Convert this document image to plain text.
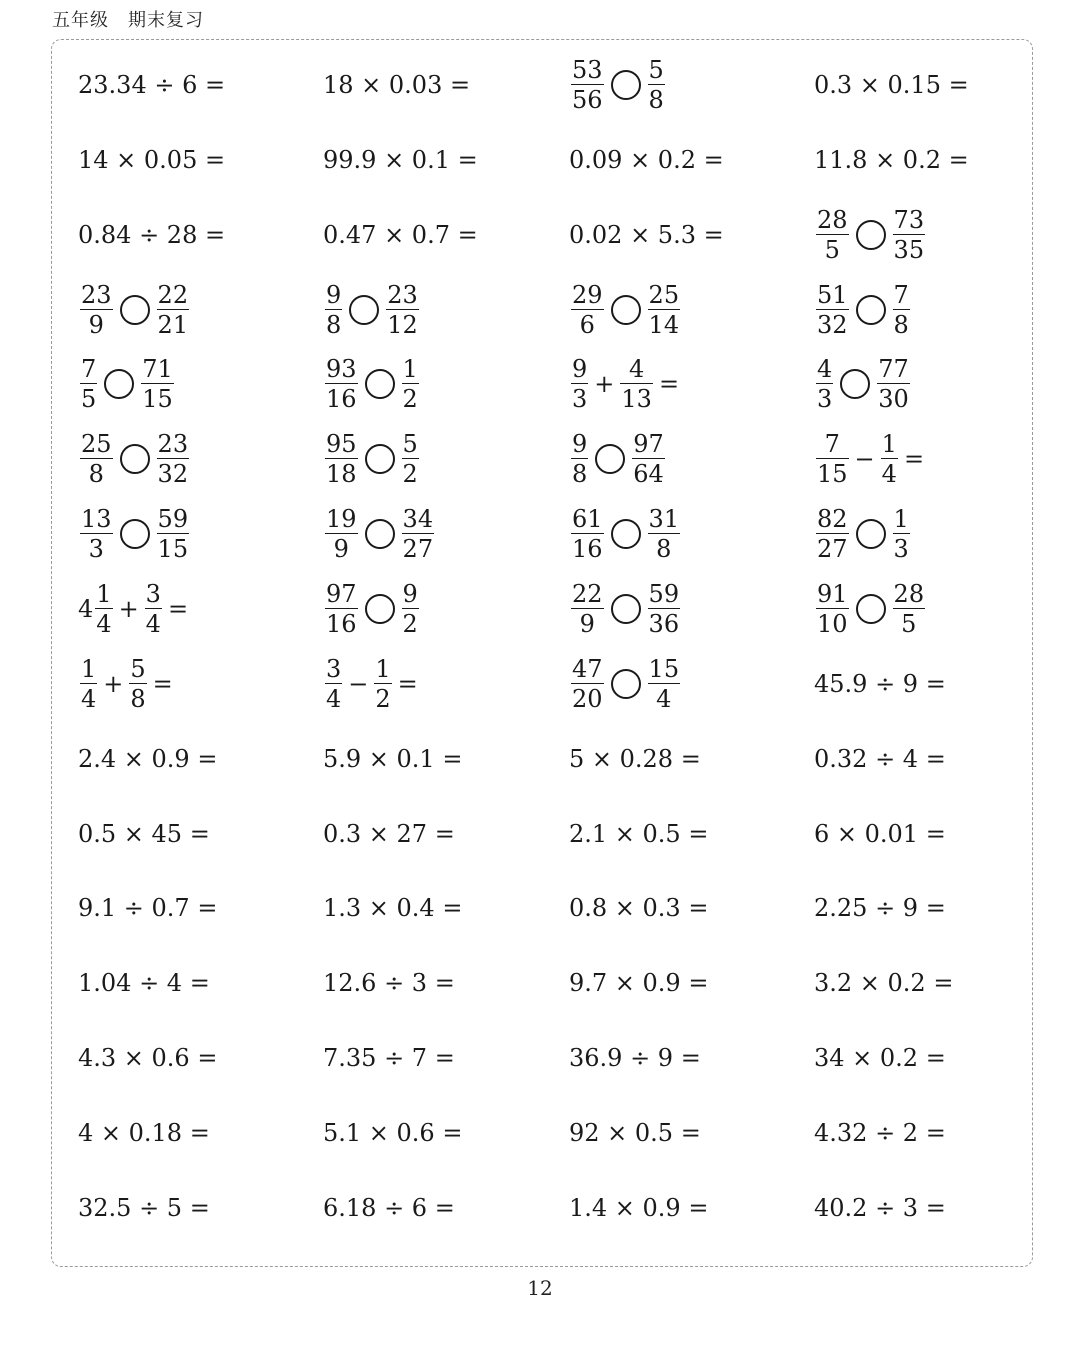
五年级　期末复习
23.34 ÷ 6 =	18 × 0.03 =	$\frac{53}{56} \frac{5}{8}$	0.3 × 0.15 =
14 × 0.05 =	99.9 × 0.1 =	0.09 × 0.2 =	11.8 × 0.2 =
0.84 ÷ 28 =	0.47 × 0.7 =	0.02 × 5.3 =	$\frac{28}{5} \frac{73}{35}$
$\frac{23}{9} \frac{22}{21}$	$\frac{9}{8} \frac{23}{12}$	$\frac{29}{6} \frac{25}{14}$	$\frac{51}{32} \frac{7}{8}$
$\frac{7}{5} \frac{71}{15}$	$\frac{93}{16} \frac{1}{2}$	$\frac{9}{3} + \frac{4}{13}$ =	$\frac{4}{3} \frac{77}{30}$
$\frac{25}{8} \frac{23}{32}$	$\frac{95}{18} \frac{5}{2}$	$\frac{9}{8} \frac{97}{64}$	$\frac{7}{15} - \frac{1}{4}$ =
$\frac{13}{3} \frac{59}{15}$	$\frac{19}{9} \frac{34}{27}$	$\frac{61}{16} \frac{31}{8}$	$\frac{82}{27} \frac{1}{3}$
$4 \frac{1}{4} + \frac{3}{4}$ =	$\frac{97}{16} \frac{9}{2}$	$\frac{22}{9} \frac{59}{36}$	$\frac{91}{10} \frac{28}{5}$
$\frac{1}{4} + \frac{5}{8}$ =	$\frac{3}{4} - \frac{1}{2}$ =	$\frac{47}{20} \frac{15}{4}$	45.9 ÷ 9 =
2.4 × 0.9 =	5.9 × 0.1 =	5 × 0.28 =	0.32 ÷ 4 =
0.5 × 45 =	0.3 × 27 =	2.1 × 0.5 =	6 × 0.01 =
9.1 ÷ 0.7 =	1.3 × 0.4 =	0.8 × 0.3 =	2.25 ÷ 9 =
1.04 ÷ 4 =	12.6 ÷ 3 =	9.7 × 0.9 =	3.2 × 0.2 =
4.3 × 0.6 =	7.35 ÷ 7 =	36.9 ÷ 9 =	34 × 0.2 =
4 × 0.18 =	5.1 × 0.6 =	92 × 0.5 =	4.32 ÷ 2 =
32.5 ÷ 5 =	6.18 ÷ 6 =	1.4 × 0.9 =	40.2 ÷ 3 =
12
